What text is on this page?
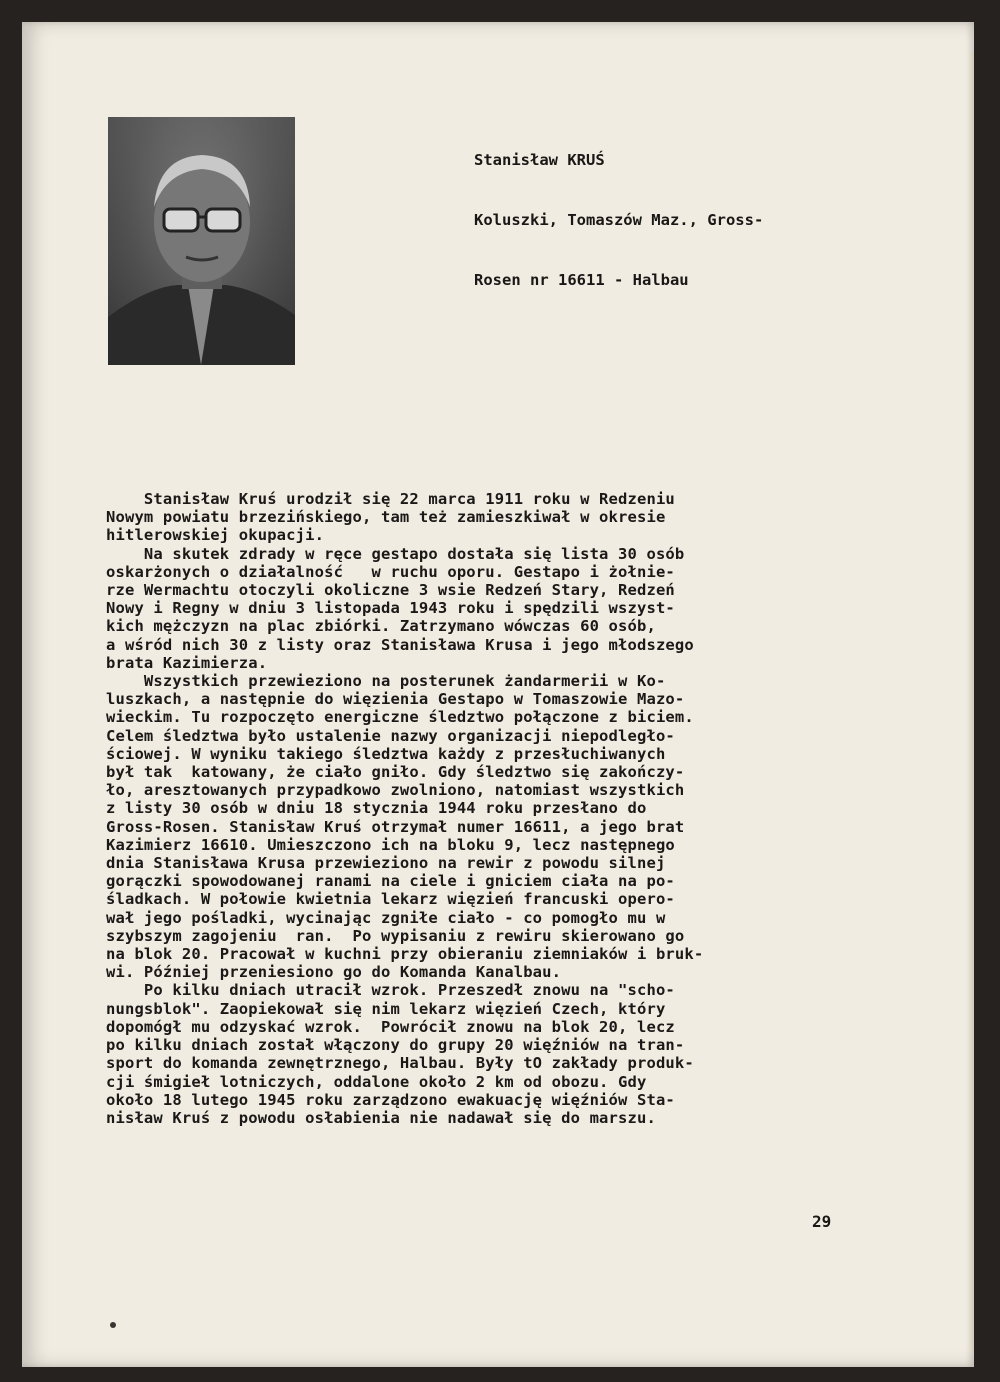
Stanisław KRUŚ

Koluszki, Tomaszów Maz., Gross-

Rosen nr 16611 - Halbau

Stanisław Kruś urodził się 22 marca 1911 roku w Redzeniu

Nowym powiatu brzezińskiego, tam też zamieszkiwał w okresie

hitlerowskiej okupacji.

Na skutek zdrady w ręce gestapo dostała się lista 30 osób

oskarżonych o działalność   w ruchu oporu. Gestapo i żołnie-

rze Wermachtu otoczyli okoliczne 3 wsie Redzeń Stary, Redzeń

Nowy i Regny w dniu 3 listopada 1943 roku i spędzili wszyst-

kich mężczyzn na plac zbiórki. Zatrzymano wówczas 60 osób,

a wśród nich 30 z listy oraz Stanisława Krusa i jego młodszego

brata Kazimierza.

Wszystkich przewieziono na posterunek żandarmerii w Ko-

luszkach, a następnie do więzienia Gestapo w Tomaszowie Mazo-

wieckim. Tu rozpoczęto energiczne śledztwo połączone z biciem.

Celem śledztwa było ustalenie nazwy organizacji niepodległo-

ściowej. W wyniku takiego śledztwa każdy z przesłuchiwanych

był tak  katowany, że ciało gniło. Gdy śledztwo się zakończy-

ło, aresztowanych przypadkowo zwolniono, natomiast wszystkich

z listy 30 osób w dniu 18 stycznia 1944 roku przesłano do

Gross-Rosen. Stanisław Kruś otrzymał numer 16611, a jego brat

Kazimierz 16610. Umieszczono ich na bloku 9, lecz następnego

dnia Stanisława Krusa przewieziono na rewir z powodu silnej

gorączki spowodowanej ranami na ciele i gniciem ciała na po-

śladkach. W połowie kwietnia lekarz więzień francuski opero-

wał jego pośladki, wycinając zgniłe ciało - co pomogło mu w

szybszym zagojeniu  ran.  Po wypisaniu z rewiru skierowano go

na blok 20. Pracował w kuchni przy obieraniu ziemniaków i bruk-

wi. Później przeniesiono go do Komanda Kanalbau.

Po kilku dniach utracił wzrok. Przeszedł znowu na "scho-

nungsblok". Zaopiekował się nim lekarz więzień Czech, który

dopomógł mu odzyskać wzrok.  Powrócił znowu na blok 20, lecz

po kilku dniach został włączony do grupy 20 więźniów na tran-

sport do komanda zewnętrznego, Halbau. Były tO zakłady produk-

cji śmigieł lotniczych, oddalone około 2 km od obozu. Gdy

około 18 lutego 1945 roku zarządzono ewakuację więźniów Sta-

nisław Kruś z powodu osłabienia nie nadawał się do marszu.

29
